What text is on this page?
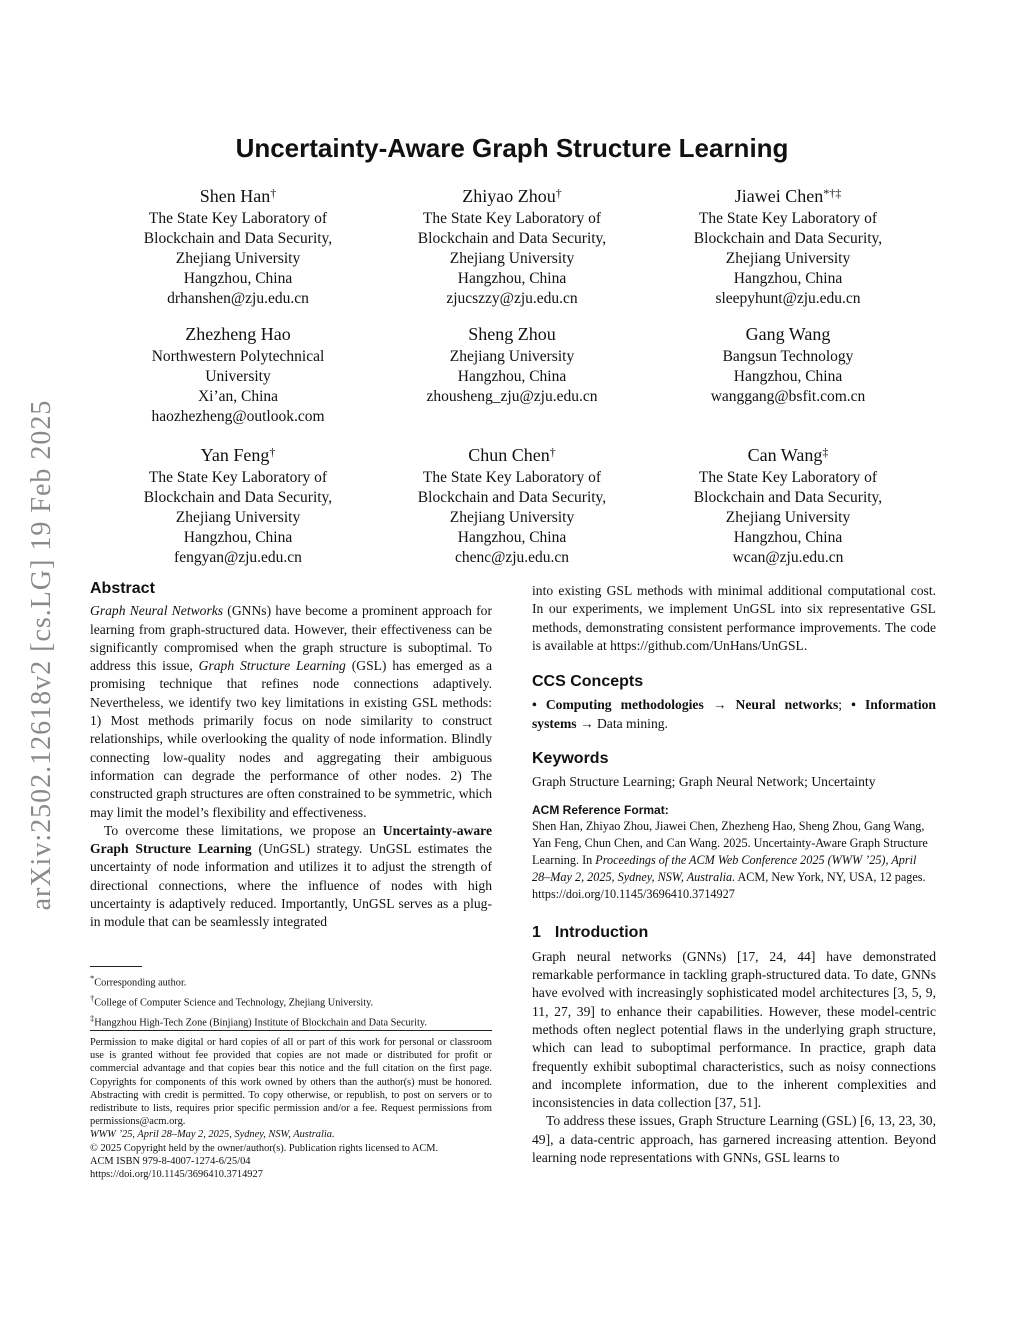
arXiv:2502.12618v2 [cs.LG] 19 Feb 2025
Uncertainty-Aware Graph Structure Learning
Shen Han†
The State Key Laboratory of
Blockchain and Data Security,
Zhejiang University
Hangzhou, China
drhanshen@zju.edu.cn
Zhiyao Zhou†
The State Key Laboratory of
Blockchain and Data Security,
Zhejiang University
Hangzhou, China
zjucszzy@zju.edu.cn
Jiawei Chen*†‡
The State Key Laboratory of
Blockchain and Data Security,
Zhejiang University
Hangzhou, China
sleepyhunt@zju.edu.cn
Zhezheng Hao
Northwestern Polytechnical
University
Xi’an, China
haozhezheng@outlook.com
Sheng Zhou
Zhejiang University
Hangzhou, China
zhousheng_zju@zju.edu.cn
Gang Wang
Bangsun Technology
Hangzhou, China
wanggang@bsfit.com.cn
Yan Feng†
The State Key Laboratory of
Blockchain and Data Security,
Zhejiang University
Hangzhou, China
fengyan@zju.edu.cn
Chun Chen†
The State Key Laboratory of
Blockchain and Data Security,
Zhejiang University
Hangzhou, China
chenc@zju.edu.cn
Can Wang‡
The State Key Laboratory of
Blockchain and Data Security,
Zhejiang University
Hangzhou, China
wcan@zju.edu.cn
Abstract

Graph Neural Networks (GNNs) have become a prominent approach for learning from graph-structured data. However, their effectiveness can be significantly compromised when the graph structure is suboptimal. To address this issue, Graph Structure Learning (GSL) has emerged as a promising technique that refines node connections adaptively. Nevertheless, we identify two key limitations in existing GSL methods: 1) Most methods primarily focus on node similarity to construct relationships, while overlooking the quality of node information. Blindly connecting low-quality nodes and aggregating their ambiguous information can degrade the performance of other nodes. 2) The constructed graph structures are often constrained to be symmetric, which may limit the model’s flexibility and effectiveness.

To overcome these limitations, we propose an Uncertainty-aware Graph Structure Learning (UnGSL) strategy. UnGSL estimates the uncertainty of node information and utilizes it to adjust the strength of directional connections, where the influence of nodes with high uncertainty is adaptively reduced. Importantly, UnGSL serves as a plug-in module that can be seamlessly integrated

*Corresponding author.
†College of Computer Science and Technology, Zhejiang University.
‡Hangzhou High-Tech Zone (Binjiang) Institute of Blockchain and Data Security.
Permission to make digital or hard copies of all or part of this work for personal or classroom use is granted without fee provided that copies are not made or distributed for profit or commercial advantage and that copies bear this notice and the full citation on the first page. Copyrights for components of this work owned by others than the author(s) must be honored. Abstracting with credit is permitted. To copy otherwise, or republish, to post on servers or to redistribute to lists, requires prior specific permission and/or a fee. Request permissions from permissions@acm.org.
WWW ’25, April 28–May 2, 2025, Sydney, NSW, Australia.
© 2025 Copyright held by the owner/author(s). Publication rights licensed to ACM.
ACM ISBN 979-8-4007-1274-6/25/04
https://doi.org/10.1145/3696410.3714927

into existing GSL methods with minimal additional computational cost. In our experiments, we implement UnGSL into six representative GSL methods, demonstrating consistent performance improvements. The code is available at https://github.com/UnHans/UnGSL.

CCS Concepts

• Computing methodologies → Neural networks; • Information systems → Data mining.

Keywords

Graph Structure Learning; Graph Neural Network; Uncertainty

ACM Reference Format:
Shen Han, Zhiyao Zhou, Jiawei Chen, Zhezheng Hao, Sheng Zhou, Gang Wang, Yan Feng, Chun Chen, and Can Wang. 2025. Uncertainty-Aware Graph Structure Learning. In Proceedings of the ACM Web Conference 2025 (WWW ’25), April 28–May 2, 2025, Sydney, NSW, Australia. ACM, New York, NY, USA, 12 pages. https://doi.org/10.1145/3696410.3714927
1 Introduction

Graph neural networks (GNNs) [17, 24, 44] have demonstrated remarkable performance in tackling graph-structured data. To date, GNNs have evolved with increasingly sophisticated model architectures [3, 5, 9, 11, 27, 39] to enhance their capabilities. However, these model-centric methods often neglect potential flaws in the underlying graph structure, which can lead to suboptimal performance. In practice, graph data frequently exhibit suboptimal characteristics, such as noisy connections and incomplete information, due to the inherent complexities and inconsistencies in data collection [37, 51].

To address these issues, Graph Structure Learning (GSL) [6, 13, 23, 30, 49], a data-centric approach, has garnered increasing attention. Beyond learning node representations with GNNs, GSL learns to
